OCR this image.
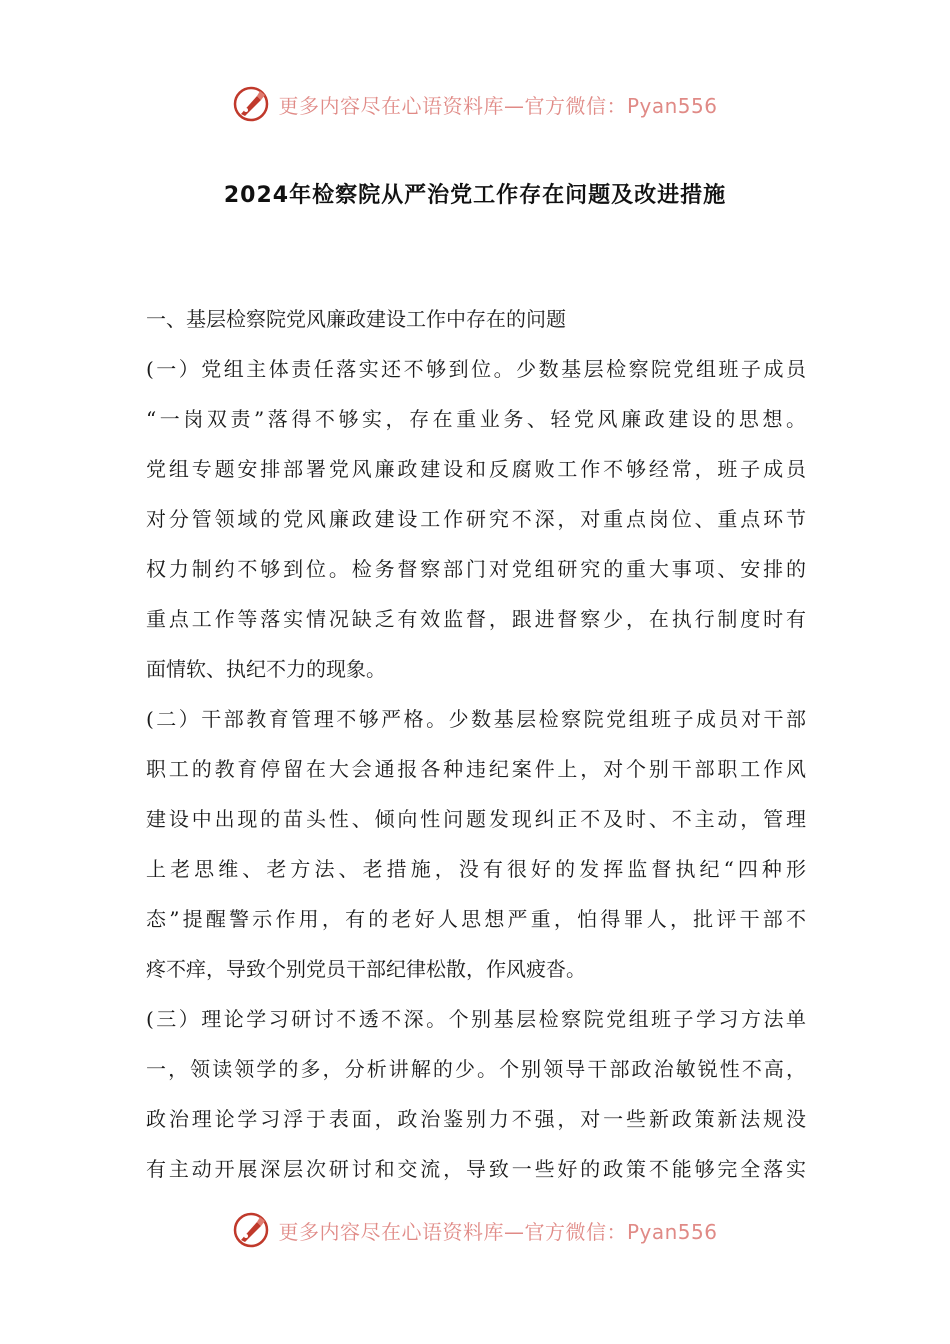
更多内容尽在心语资料库—官方微信：Pyan556
2024年检察院从严治党工作存在问题及改进措施
一、基层检察院党风廉政建设工作中存在的问题
(一）党组主体责任落实还不够到位。少数基层检察院党组班子成员
“一岗双责”落得不够实，存在重业务、轻党风廉政建设的思想。
党组专题安排部署党风廉政建设和反腐败工作不够经常，班子成员
对分管领域的党风廉政建设工作研究不深，对重点岗位、重点环节
权力制约不够到位。检务督察部门对党组研究的重大事项、安排的
重点工作等落实情况缺乏有效监督，跟进督察少，在执行制度时有
面情软、执纪不力的现象。
(二）干部教育管理不够严格。少数基层检察院党组班子成员对干部
职工的教育停留在大会通报各种违纪案件上，对个别干部职工作风
建设中出现的苗头性、倾向性问题发现纠正不及时、不主动，管理
上老思维、老方法、老措施，没有很好的发挥监督执纪“四种形
态”提醒警示作用，有的老好人思想严重，怕得罪人，批评干部不
疼不痒，导致个别党员干部纪律松散，作风疲沓。
(三）理论学习研讨不透不深。个别基层检察院党组班子学习方法单
一，领读领学的多，分析讲解的少。个别领导干部政治敏锐性不高，
政治理论学习浮于表面，政治鉴别力不强，对一些新政策新法规没
有主动开展深层次研讨和交流，导致一些好的政策不能够完全落实
更多内容尽在心语资料库—官方微信：Pyan556
